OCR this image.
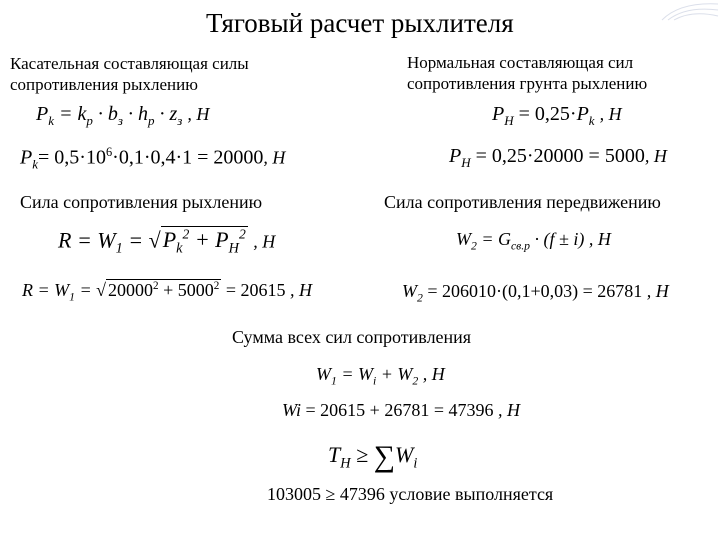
Тяговый расчет рыхлителя
Касательная составляющая силы
сопротивления рыхлению
Нормальная составляющая сил
сопротивления грунта рыхлению
$P_k = k_p \cdot b_з \cdot h_p \cdot z_з$ , Н
$P_k= 0,5\cdot 10^6\cdot 0,1\cdot 0,4\cdot 1 = 20000$, Н
$P_H = 0,25\cdot P_k$ , Н
$P_H = 0,25\cdot 20000 = 5000$, Н
Сила сопротивления рыхлению	Сила сопротивления передвижению
$R = W_1 = √P_k^2 + P_H^2$ , Н
$R = W_1$ = √ $20000^2 + 5000^2 = 20615$ , Н
$W_2 = G_{св.р} \cdot (f \pm i)$ , Н
$W_2 = 206010\cdot(0,1+0,03) = 26781$ , Н
Сумма всех сил сопротивления
$W_1 = W_i + W_2$ , Н
Wi = 20615 + 26781 = 47396 , Н
$T_H \ge \sum W_i$
103005 ≥ 47396 условие выполняется
